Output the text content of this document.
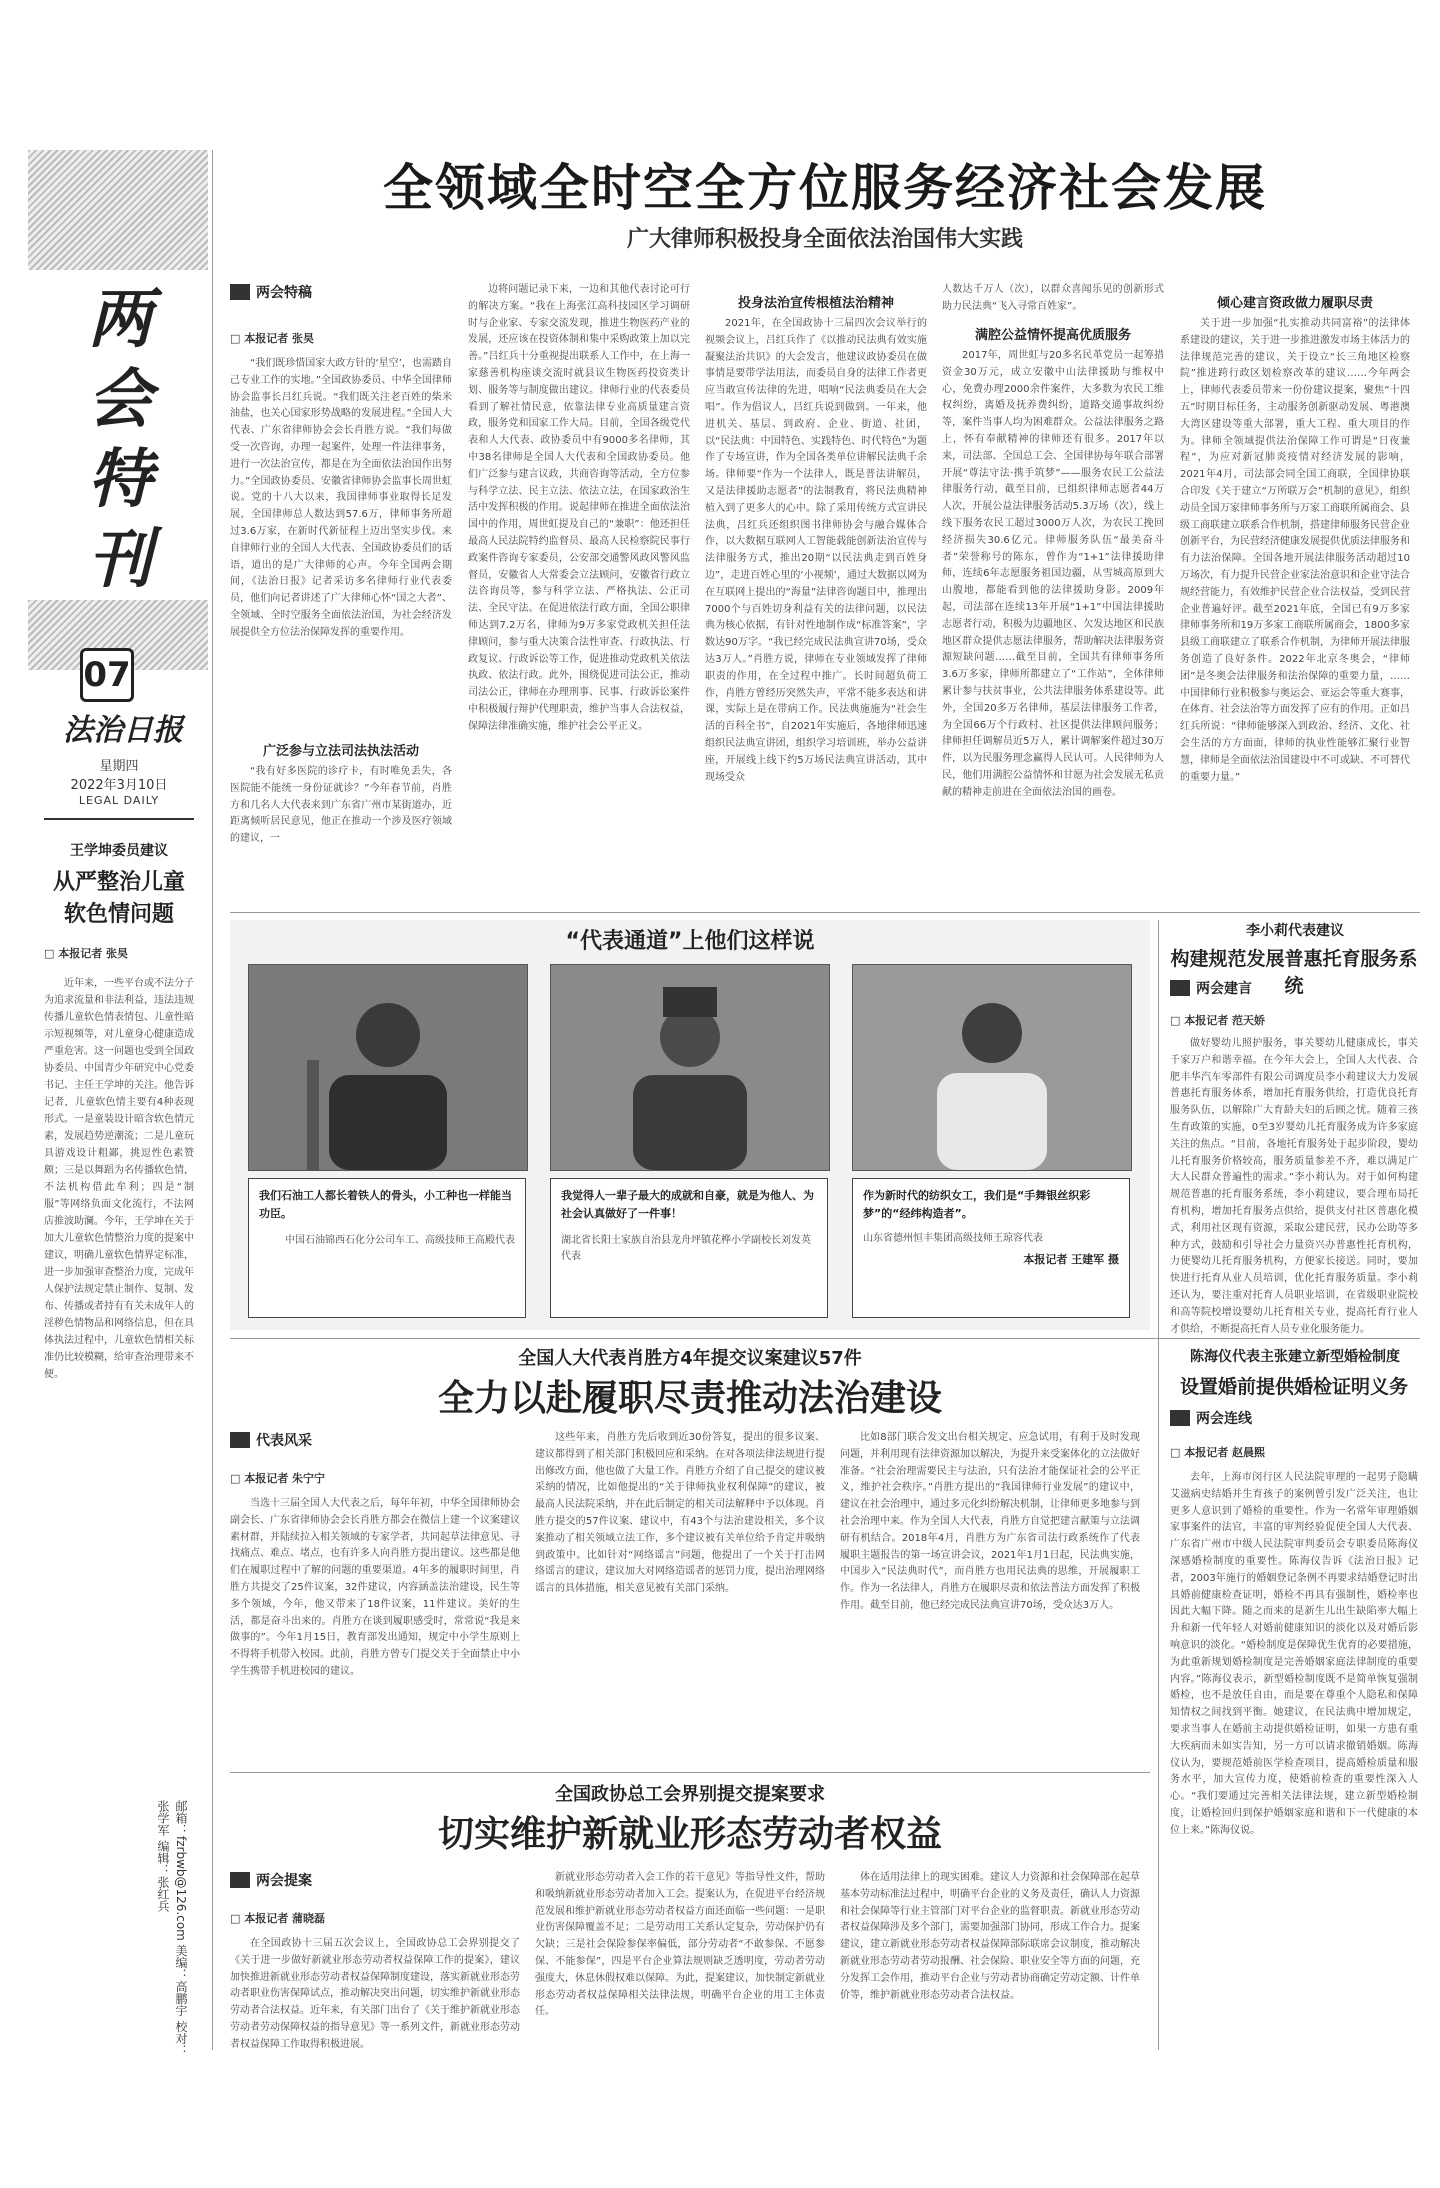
两会特刊
07
法治日报
星期四
2022年3月10日
LEGAL DAILY
王学坤委员建议
从严整治儿童软色情问题
□ 本报记者 张昊
近年来，一些平台或不法分子为追求流量和非法利益，违法违规传播儿童软色情表情包、儿童性暗示短视频等，对儿童身心健康造成严重危害。这一问题也受到全国政协委员、中国青少年研究中心党委书记、主任王学坤的关注。他告诉记者，儿童软色情主要有4种表现形式。一是童装设计暗含软色情元素，发展趋势逆潮流；二是儿童玩具游戏设计粗鄙，挑逗性色素赞颇；三是以舞蹈为名传播软色情，不法机构借此牟利；四是“制服”等网络负面文化流行，不法网店推波助澜。今年，王学坤在关于加大儿童软色情整治力度的提案中建议，明确儿童软色情界定标准，进一步加强审查整治力度，完成年人保护法规定禁止制作、复制、发布、传播或者持有有关未成年人的淫秽色情物品和网络信息，但在具体执法过程中，儿童软色情相关标准仍比较模糊，给审查治理带来不便。
邮箱：fzrbwb@126.com 美编：高鹏宇 校对：张学军 编辑：张红兵
全领域全时空全方位服务经济社会发展
广大律师积极投身全面依法治国伟大实践
两会特稿
□ 本报记者 张昊
“我们既珍惜国家大政方针的‘星空’，也需踏自己专业工作的实地。”全国政协委员、中华全国律师协会监事长吕红兵说。“我们既关注老百姓的柴米油盐，也关心国家形势战略的发展进程。”全国人大代表、广东省律师协会会长肖胜方说。“我们每做受一次咨询，办理一起案件，处理一件法律事务，进行一次法治宣传，都是在为全面依法治国作出努力。”全国政协委员、安徽省律师协会监事长周世虹说。党的十八大以来，我国律师事业取得长足发展，全国律师总人数达到57.6万，律师事务所超过3.6万家，在新时代新征程上迈出坚实步伐。来自律师行业的全国人大代表、全国政协委员们的话语，道出的是广大律师的心声。今年全国两会期间，《法治日报》记者采访多名律师行业代表委员，他们向记者讲述了广大律师心怀“国之大者”、全领域、全时空服务全面依法治国，为社会经济发展提供全方位法治保障发挥的重要作用。
广泛参与立法司法执法活动
“我有好多医院的诊疗卡，有时唯免丢失，各医院能不能统一身份证就诊？”今年春节前，肖胜方和几名人大代表来到广东省广州市某街道办，近距离倾听居民意见，他正在推动一个涉及医疗领域的建议，一
边将问题记录下来，一边和其他代表讨论可行的解决方案。“我在上海张江高科技园区学习调研时与企业家、专家交流发现，推进生物医药产业的发展，还应该在投资体制和集中采购政策上加以完善。”吕红兵十分重视提出联系人工作中，在上海一家慈善机构座谈交流时就县议生物医药投资类计划、服务等与制度做出建议。律师行业的代表委员看到了解社情民意，依靠法律专业高质量建言资政，服务党和国家工作大局。目前，全国各级党代表和人大代表、政协委员中有9000多名律师，其中38名律师是全国人大代表和全国政协委员。他们广泛参与建言议政，共商咨询等活动，全方位参与科学立法、民主立法、依法立法，在国家政治生活中发挥积极的作用。说起律师在推进全面依法治国中的作用，周世虹提及自己的“兼职”：他还担任最高人民法院特约监督员、最高人民检察院民事行政案件咨询专家委员，公安部交通警风政风警风监督员，安徽省人大常委会立法顾问，安徽省行政立法咨询员等，参与科学立法、严格执法、公正司法、全民守法。在促进依法行政方面，全国公职律师达到7.2万名，律师为9万多家党政机关担任法律顾问，参与重大决策合法性审查、行政执法、行政复议、行政诉讼等工作，促进推动党政机关依法执政、依法行政。此外，围绕促进司法公正，推动司法公正，律师在办理刑事、民事、行政诉讼案件中积极履行辩护代理职责，维护当事人合法权益，保障法律准确实施，维护社会公平正义。
投身法治宣传根植法治精神
2021年，在全国政协十三届四次会议举行的视频会议上，吕红兵作了《以推动民法典有效实施凝聚法治共识》的大会发言，他建议政协委员在做事情是要带学法用法，而委员自身的法律工作者更应当敢宣传法律的先进，唱响“民法典委员在大会唱”。作为倡议人，吕红兵说到做到。一年来，他进机关、基层、到政府、企业、街道、社团，以“民法典：中国特色、实践特色、时代特色”为题作了专场宣讲，作为全国各类单位讲解民法典千余场。律师要“作为一个法律人，既是普法讲解员，又是法律援助志愿者”的法制教育，将民法典精神植入到了更多人的心中。除了采用传统方式宣讲民法典，吕红兵还组织图书律师协会与融合媒体合作，以大数据互联网人工智能载能创新法治宣传与法律服务方式，推出20期“以民法典走到百姓身边”，走进百姓心里的‘小视频’，通过大数据以网为在互联网上提出的“海量”法律咨询题目中，推理出7000个与百姓切身利益有关的法律问题，以民法典为核心依据，有针对性地制作成“标准答案”，字数达90万字。“我已经完成民法典宣讲70场，受众达3万人。”肖胜方说，律师在专业领域发挥了律师职责的作用，在全过程中推广。长时间超负荷工作，肖胜方曾经历突然失声，平常不能多表达和讲课，实际上是在带病工作。民法典施施为“社会生活的百科全书”，自2021年实施后，各地律师迅速组织民法典宣讲团，组织学习培训班，举办公益讲座，开展线上线下约5万场民法典宣讲活动，其中现场受众
人数达千万人（次），以群众喜闻乐见的创新形式助力民法典“飞入寻常百姓家”。
满腔公益情怀提高优质服务
2017年，周世虹与20多名民革党员一起筹措资金30万元，成立安徽中山法律援助与维权中心，免费办理2000余件案件，大多数为农民工维权纠纷，离婚及抚养费纠纷，道路交通事故纠纷等，案件当事人均为困难群众。公益法律服务之路上，怀有奉献精神的律师还有很多。2017年以来，司法部、全国总工会、全国律协每年联合部署开展“尊法守法·携手筑梦”——服务农民工公益法律服务行动，截至目前，已组织律师志愿者44万人次，开展公益法律服务活动5.3万场（次），线上线下服务农民工超过3000万人次，为农民工挽回经济损失30.6亿元。律师服务队伍“最美奋斗者”荣誉称号的陈东，曾作为“1+1”法律援助律师，连续6年志愿服务祖国边疆，从雪城高原到大山腹地，都能看到他的法律援助身影。2009年起，司法部在连续13年开展“1+1”中国法律援助志愿者行动，积极为边疆地区、欠发达地区和民族地区群众提供志愿法律服务，帮助解决法律服务资源短缺问题……截至目前，全国共有律师事务所3.6万多家，律师所都建立了“工作站”，全体律师累计参与扶贫事业，公共法律服务体系建设等。此外，全国20多万名律师，基层法律服务工作者，为全国66万个行政村、社区提供法律顾问服务；律师担任调解员近5万人，累计调解案件超过30万件，以为民服务理念赢得人民认可。人民律师为人民，他们用满腔公益情怀和甘愿为社会发展无私贡献的精神走前进在全面依法治国的画卷。
倾心建言资政做力履职尽责
关于进一步加强“扎实推动共同富裕”的法律体系建设的建议，关于进一步推进激发市场主体活力的法律规范完善的建议，关于设立“长三角地区检察院”推进跨行政区划检察改革的建议……今年两会上，律师代表委员带来一份份建议提案，聚焦“十四五”时期目标任务，主动服务创新驱动发展、粤港澳大湾区建设等重大部署，重大工程、重大项目的作为。律师全领域提供法治保障工作可谓是“日夜兼程”，为应对新冠肺炎疫情对经济发展的影响，2021年4月，司法部会同全国工商联，全国律协联合印发《关于建立“万所联万会”机制的意见》，组织动员全国万家律师事务所与万家工商联所属商会、县级工商联建立联系合作机制，搭建律师服务民营企业创新平台，为民营经济健康发展提供优质法律服务和有力法治保障。全国各地开展法律服务活动超过10万场次，有力提升民营企业家法治意识和企业守法合规经营能力，有效维护民营企业合法权益，受到民营企业普遍好评。截至2021年底，全国已有9万多家律师事务所和19万多家工商联所属商会，1800多家县级工商联建立了联系合作机制，为律师开展法律服务创造了良好条件。2022年北京冬奥会，“律师团”是冬奥会法律服务和法治保障的重要力量，……中国律师行业积极参与奥运会、亚运会等重大赛事，在体育、社会法治等方面发挥了应有的作用。正如吕红兵所说：“律师能够深入到政治、经济、文化、社会生活的方方面面，律师的执业性能够汇聚行业智慧，律师是全面依法治国建设中不可或缺、不可替代的重要力量。”
“代表通道”上他们这样说
我们石油工人都长着铁人的骨头，小工种也一样能当功臣。
中国石油锦西石化分公司车工、高级技师王高殿代表
我觉得人一辈子最大的成就和自豪，就是为他人、为社会认真做好了一件事！
湖北省长阳土家族自治县龙舟坪镇花桦小学副校长刘发英代表
作为新时代的纺织女工，我们是“手舞银丝织彩梦”的“经纬构造者”。
山东省德州恒丰集团高级技师王琼容代表
本报记者 王建军 摄
李小莉代表建议
构建规范发展普惠托育服务系统
两会建言
□ 本报记者 范天娇
做好婴幼儿照护服务，事关婴幼儿健康成长，事关千家万户和谐幸福。在今年大会上，全国人大代表、合肥丰华汽车零部件有限公司调度员李小莉建议大力发展普惠托育服务体系，增加托育服务供给，打造优良托育服务队伍，以解除广大育龄夫妇的后顾之忧。随着三孩生育政策的实施，0至3岁婴幼儿托育服务成为许多家庭关注的焦点。“目前，各地托育服务处于起步阶段，婴幼儿托育服务价格较高，服务质量参差不齐，难以满足广大人民群众普遍性的需求。”李小莉认为。对于如何构建规范普惠的托育服务系统，李小莉建议，要合理布局托育机构，增加托育服务点供给，提供支付社区普惠化模式，利用社区现有资源，采取公建民营，民办公助等多种方式，鼓励和引导社会力量资兴办普惠性托育机构，力使婴幼儿托育服务机构，方便家长接送。同时，要加快进行托育从业人员培训，优化托育服务质量。李小莉还认为，要注重对托育人员职业培训，在省级职业院校和高等院校增设婴幼儿托育相关专业，提高托育行业人才供给，不断提高托育人员专业化服务能力。
全国人大代表肖胜方4年提交议案建议57件
全力以赴履职尽责推动法治建设
代表风采
□ 本报记者 朱宁宁
当选十三届全国人大代表之后，每年年初，中华全国律师协会副会长、广东省律师协会会长肖胜方都会在微信上建一个议案建议素材群，并陆续拉入相关领域的专家学者，共同起草法律意见、寻找痛点、难点、堵点，也有许多人向肖胜方提出建议。这些都是他们在履职过程中了解的问题的重要渠道。4年多的履职时间里，肖胜方共提交了25件议案，32件建议，内容涵盖法治建设，民生等多个领域，今年，他又带来了18件议案，11件建议。美好的生活，都是奋斗出来的。肖胜方在谈到履职感受时，常常说“我是来做事的”。今年1月15日，教育部发出通知，规定中小学生原则上不得将手机带入校园。此前，肖胜方曾专门提交关于全面禁止中小学生携带手机进校园的建议。
这些年来，肖胜方先后收到近30份答复，提出的很多议案、建议都得到了相关部门积极回应和采纳。在对各项法律法规进行提出修改方面，他也做了大量工作。肖胜方介绍了自己提交的建议被采纳的情况，比如他提出的“关于律师执业权利保障”的建议，被最高人民法院采纳，并在此后制定的相关司法解释中予以体现。肖胜方提交的57件议案、建议中，有43个与法治建设相关，多个议案推动了相关领域立法工作，多个建议被有关单位给予肯定并吸纳到政策中。比如针对“网络谣言”问题，他提出了一个关于打击网络谣言的建议，建议加大对网络造谣者的惩罚力度，提出治理网络谣言的具体措施，相关意见被有关部门采纳。
比如8部门联合发文出台相关规定、应急试用，有利于及时发现问题，并利用现有法律资源加以解决，为提升来受案体化的立法做好准备。“社会治理需要民主与法治，只有法治才能保证社会的公平正义，维护社会秩序。”肖胜方提出的“我国律师行业发展”的建议中，建议在社会治理中，通过多元化纠纷解决机制，让律师更多地参与到社会治理中来。作为全国人大代表，肖胜方自觉把建言献策与立法调研有机结合。2018年4月，肖胜方为广东省司法行政系统作了代表履职主题报告的第一场宣讲会议，2021年1月1日起，民法典实施，中国步入“民法典时代”，而肖胜方也用民法典的思维，开展履职工作。作为一名法律人，肖胜方在履职尽责和依法普法方面发挥了积极作用。截至目前，他已经完成民法典宣讲70场，受众达3万人。
陈海仪代表主张建立新型婚检制度
设置婚前提供婚检证明义务
两会连线
□ 本报记者 赵晨熙
去年，上海市闵行区人民法院审理的一起男子隐瞒艾滋病史结婚并生育孩子的案例曾引发广泛关注，也让更多人意识到了婚检的重要性。作为一名常年审理婚姻家事案件的法官，丰富的审判经验促使全国人大代表、广东省广州市中级人民法院审判委员会专职委员陈海仪深感婚检制度的重要性。陈海仪告诉《法治日报》记者，2003年施行的婚姻登记条例不再要求结婚登记时出具婚前健康检查证明，婚检不再具有强制性，婚检率也因此大幅下降。随之而来的是新生儿出生缺陷率大幅上升和新一代年轻人对婚前健康知识的淡化以及对婚后影响意识的淡化。“婚检制度是保障优生优育的必要措施，为此重新规划婚检制度是完善婚姻家庭法律制度的重要内容。”陈海仪表示，新型婚检制度既不是简单恢复强制婚检，也不是放任自由，而是要在尊重个人隐私和保障知情权之间找到平衡。她建议，在民法典中增加规定，要求当事人在婚前主动提供婚检证明，如果一方患有重大疾病而未如实告知，另一方可以请求撤销婚姻。陈海仪认为，要规范婚前医学检查项目，提高婚检质量和服务水平，加大宣传力度，使婚前检查的重要性深入人心。“我们要通过完善相关法律法规，建立新型婚检制度，让婚检回归到保护婚姻家庭和谐和下一代健康的本位上来。”陈海仪说。
全国政协总工会界别提交提案要求
切实维护新就业形态劳动者权益
两会提案
□ 本报记者 蒲晓磊
在全国政协十三届五次会议上，全国政协总工会界别提交了《关于进一步做好新就业形态劳动者权益保障工作的提案》，建议加快推进新就业形态劳动者权益保障制度建设，落实新就业形态劳动者职业伤害保障试点，推动解决突出问题，切实维护新就业形态劳动者合法权益。近年来，有关部门出台了《关于维护新就业形态劳动者劳动保障权益的指导意见》等一系列文件，新就业形态劳动者权益保障工作取得积极进展。
新就业形态劳动者入会工作的若干意见》等指导性文件，帮助和吸纳新就业形态劳动者加入工会。提案认为，在促进平台经济规范发展和维护新就业形态劳动者权益方面还面临一些问题：一是职业伤害保障覆盖不足；二是劳动用工关系认定复杂，劳动保护仍有欠缺；三是社会保险参保率偏低，部分劳动者“不敢参保、不愿参保、不能参保”，四是平台企业算法规则缺乏透明度，劳动者劳动强度大，休息休假权难以保障。为此，提案建议，加快制定新就业形态劳动者权益保障相关法律法规，明确平台企业的用工主体责任。
体在适用法律上的现实困难。建议人力资源和社会保障部在起草基本劳动标准法过程中，明确平台企业的义务及责任，确认人力资源和社会保障等行业主管部门对平台企业的监督职责。新就业形态劳动者权益保障涉及多个部门，需要加强部门协同，形成工作合力。提案建议，建立新就业形态劳动者权益保障部际联席会议制度，推动解决新就业形态劳动者劳动报酬、社会保险、职业安全等方面的问题，充分发挥工会作用，推动平台企业与劳动者协商确定劳动定额、计件单价等，维护新就业形态劳动者合法权益。
